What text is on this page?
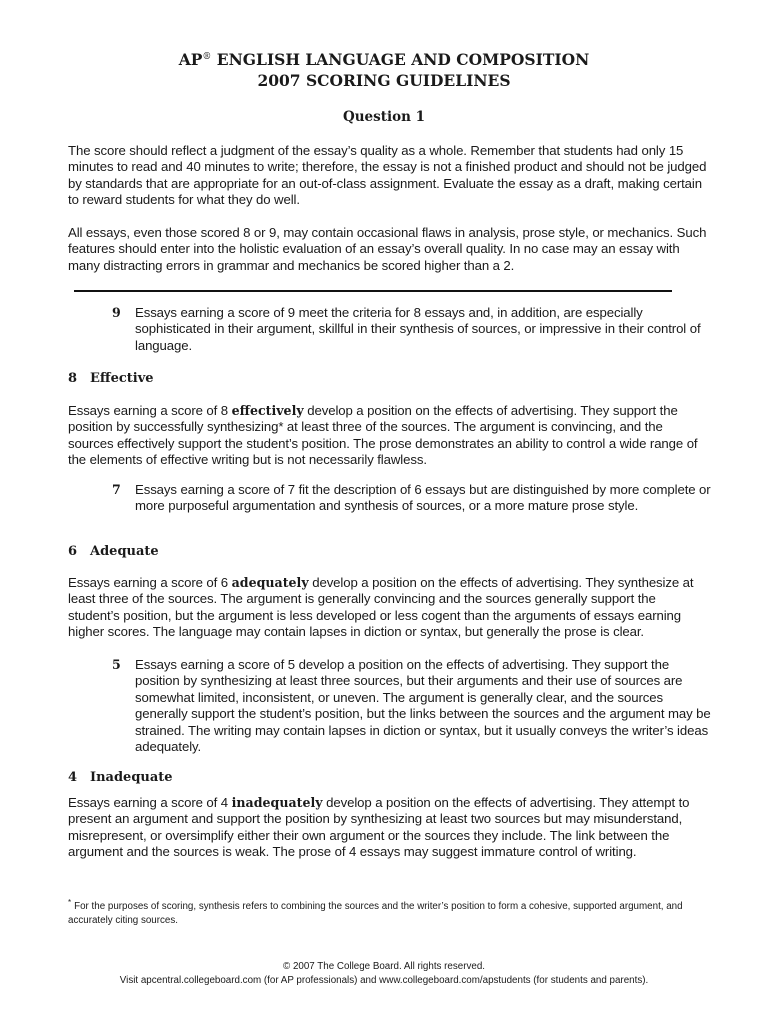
AP® ENGLISH LANGUAGE AND COMPOSITION
2007 SCORING GUIDELINES
Question 1
The score should reflect a judgment of the essay’s quality as a whole. Remember that students had only 15 minutes to read and 40 minutes to write; therefore, the essay is not a finished product and should not be judged by standards that are appropriate for an out-of-class assignment. Evaluate the essay as a draft, making certain to reward students for what they do well.
All essays, even those scored 8 or 9, may contain occasional flaws in analysis, prose style, or mechanics. Such features should enter into the holistic evaluation of an essay’s overall quality. In no case may an essay with many distracting errors in grammar and mechanics be scored higher than a 2.
9 Essays earning a score of 9 meet the criteria for 8 essays and, in addition, are especially sophisticated in their argument, skillful in their synthesis of sources, or impressive in their control of language.
8 Effective
Essays earning a score of 8 effectively develop a position on the effects of advertising. They support the position by successfully synthesizing* at least three of the sources. The argument is convincing, and the sources effectively support the student’s position. The prose demonstrates an ability to control a wide range of the elements of effective writing but is not necessarily flawless.
7 Essays earning a score of 7 fit the description of 6 essays but are distinguished by more complete or more purposeful argumentation and synthesis of sources, or a more mature prose style.
6 Adequate
Essays earning a score of 6 adequately develop a position on the effects of advertising. They synthesize at least three of the sources. The argument is generally convincing and the sources generally support the student’s position, but the argument is less developed or less cogent than the arguments of essays earning higher scores. The language may contain lapses in diction or syntax, but generally the prose is clear.
5 Essays earning a score of 5 develop a position on the effects of advertising. They support the position by synthesizing at least three sources, but their arguments and their use of sources are somewhat limited, inconsistent, or uneven. The argument is generally clear, and the sources generally support the student’s position, but the links between the sources and the argument may be strained. The writing may contain lapses in diction or syntax, but it usually conveys the writer’s ideas adequately.
4 Inadequate
Essays earning a score of 4 inadequately develop a position on the effects of advertising. They attempt to present an argument and support the position by synthesizing at least two sources but may misunderstand, misrepresent, or oversimplify either their own argument or the sources they include. The link between the argument and the sources is weak. The prose of 4 essays may suggest immature control of writing.
* For the purposes of scoring, synthesis refers to combining the sources and the writer’s position to form a cohesive, supported argument, and accurately citing sources.
© 2007 The College Board. All rights reserved.
Visit apcentral.collegeboard.com (for AP professionals) and www.collegeboard.com/apstudents (for students and parents).
